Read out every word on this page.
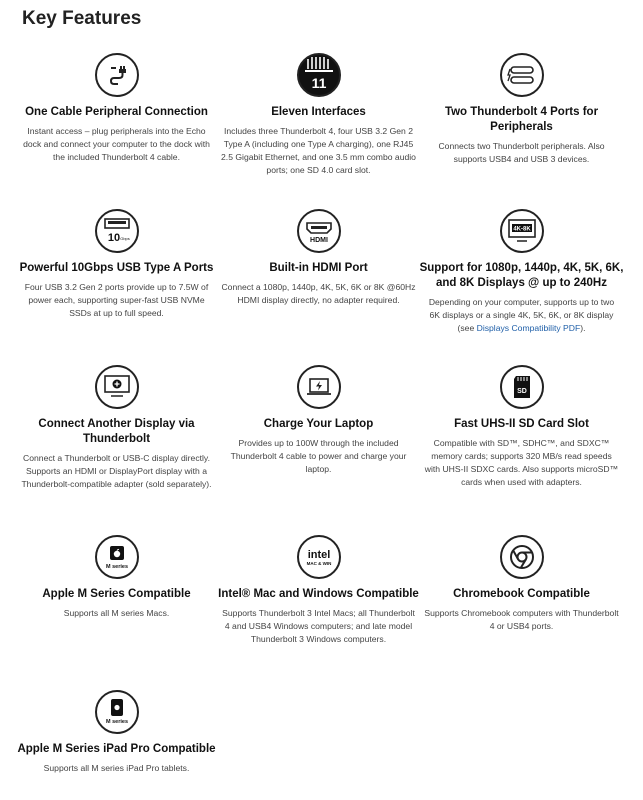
Key Features
One Cable Peripheral Connection
Instant access – plug peripherals into the Echo dock and connect your computer to the dock with the included Thunderbolt 4 cable.
11
Eleven Interfaces
Includes three Thunderbolt 4, four USB 3.2 Gen 2 Type A (including one Type A charging), one RJ45 2.5 Gigabit Ethernet, and one 3.5 mm combo audio ports; one SD 4.0 card slot.
Two Thunderbolt 4 Ports for Peripherals
Connects two Thunderbolt peripherals. Also supports USB4 and USB 3 devices.
10 Gbps
Powerful 10Gbps USB Type A Ports
Four USB 3.2 Gen 2 ports provide up to 7.5W of power each, supporting super-fast USB NVMe SSDs at up to full speed.
HDMI
Built-in HDMI Port
Connect a 1080p, 1440p, 4K, 5K, 6K or 8K @60Hz HDMI display directly, no adapter required.
4K-8K
Support for 1080p, 1440p, 4K, 5K, 6K, and 8K Displays @ up to 240Hz
Depending on your computer, supports up to two 6K displays or a single 4K, 5K, 6K, or 8K display (see Displays Compatibility PDF).
Connect Another Display via Thunderbolt
Connect a Thunderbolt or USB-C display directly. Supports an HDMI or DisplayPort display with a Thunderbolt-compatible adapter (sold separately).
Charge Your Laptop
Provides up to 100W through the included Thunderbolt 4 cable to power and charge your laptop.
SD
Fast UHS-II SD Card Slot
Compatible with SD™, SDHC™, and SDXC™ memory cards; supports 320 MB/s read speeds with UHS-II SDXC cards. Also supports microSD™ cards when used with adapters.
M series
Apple M Series Compatible
Supports all M series Macs.
intel
MAC & WIN
Intel® Mac and Windows Compatible
Supports Thunderbolt 3 Intel Macs; all Thunderbolt 4 and USB4 Windows computers; and late model Thunderbolt 3 Windows computers.
Chromebook Compatible
Supports Chromebook computers with Thunderbolt 4 or USB4 ports.
M series
Apple M Series iPad Pro Compatible
Supports all M series iPad Pro tablets.
